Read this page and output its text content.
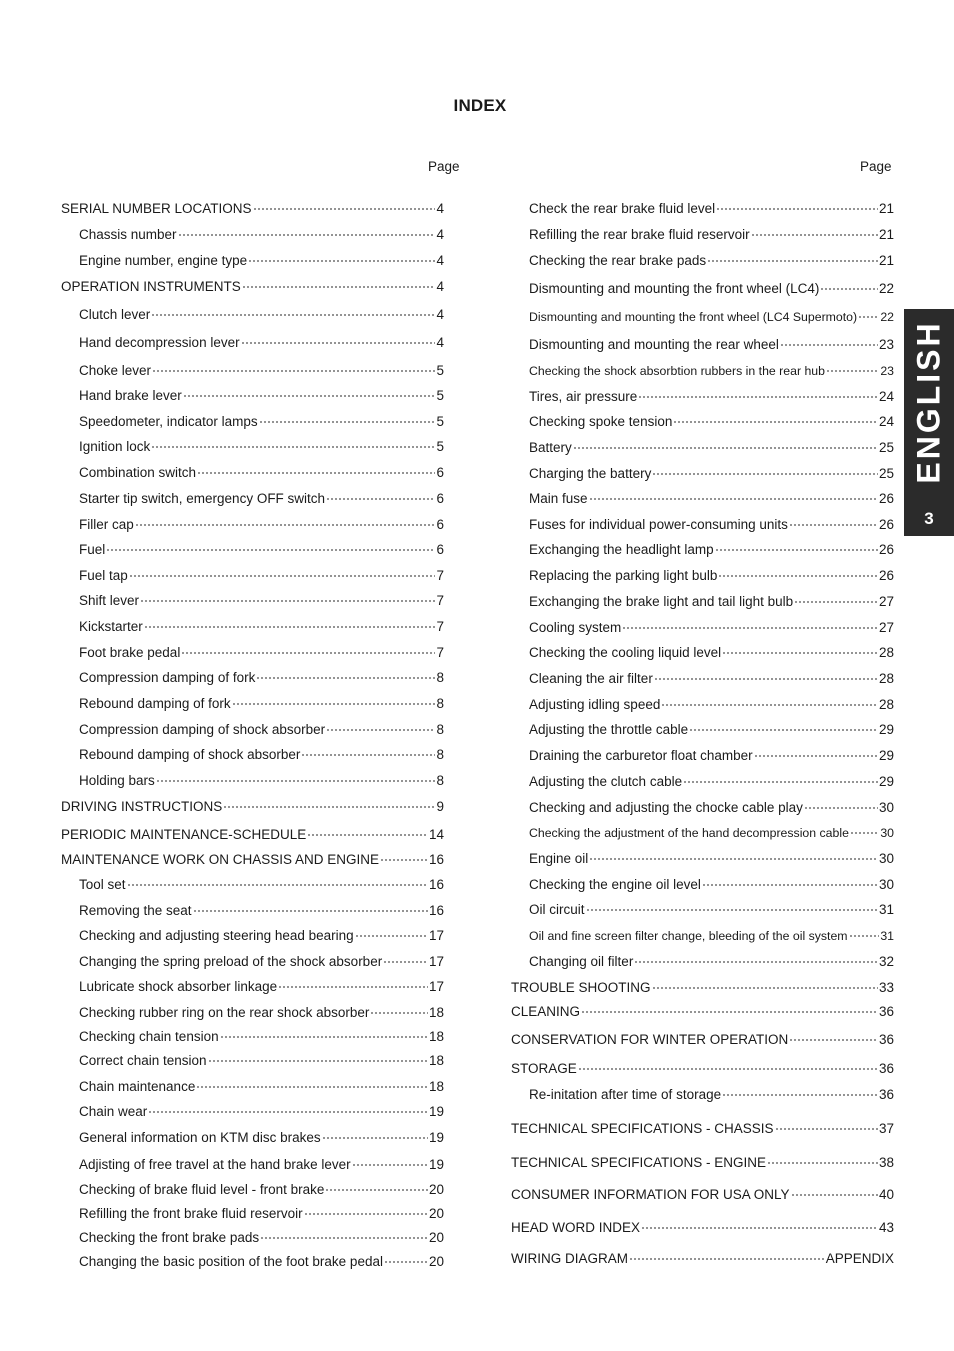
INDEX
Page	Page
SERIAL NUMBER LOCATIONS	4
Chassis number	4
Engine number, engine type	4
OPERATION INSTRUMENTS	4
Clutch lever	4
Hand decompression lever	4
Choke lever	5
Hand brake lever	5
Speedometer, indicator lamps	5
Ignition lock	5
Combination switch	6
Starter tip switch, emergency OFF switch	6
Filler cap	6
Fuel	6
Fuel tap	7
Shift lever	7
Kickstarter	7
Foot brake pedal	7
Compression damping of fork	8
Rebound damping of fork	8
Compression damping of shock absorber	8
Rebound damping of shock absorber	8
Holding bars	8
DRIVING INSTRUCTIONS	9
PERIODIC MAINTENANCE-SCHEDULE	14
MAINTENANCE WORK ON CHASSIS AND ENGINE	16
Tool set	16
Removing the seat	16
Checking and adjusting steering head bearing	17
Changing the spring preload of the shock absorber	17
Lubricate shock absorber linkage	17
Checking rubber ring on the rear shock absorber	18
Checking chain tension	18
Correct chain tension	18
Chain maintenance	18
Chain wear	19
General information on KTM disc brakes	19
Adjisting of free travel at the hand brake lever	19
Checking of brake fluid level - front brake	20
Refilling the front brake fluid reservoir	20
Checking the front brake pads	20
Changing the basic position of the foot brake pedal	20
Check the rear brake fluid level	21
Refilling the rear brake fluid reservoir	21
Checking the rear brake pads	21
Dismounting and mounting the front wheel (LC4)	22
Dismounting and mounting the front wheel (LC4 Supermoto) 22
Dismounting and mounting the rear wheel	23
Checking the shock absorbtion rubbers in the rear hub	23
Tires, air pressure	24
Checking spoke tension	24
Battery	25
Charging the battery	25
Main fuse	26
Fuses for individual power-consuming units	26
Exchanging the headlight lamp	26
Replacing the parking light bulb	26
Exchanging the brake light and tail light bulb	27
Cooling system	27
Checking the cooling liquid level	28
Cleaning the air filter	28
Adjusting idling speed	28
Adjusting the throttle cable	29
Draining the carburetor float chamber	29
Adjusting the clutch cable	29
Checking and adjusting the chocke cable play	30
Checking the adjustment of the hand decompression cable	30
Engine oil	30
Checking the engine oil level	30
Oil circuit	31
Oil and fine screen filter change, bleeding of the oil system	31
Changing oil filter	32
TROUBLE SHOOTING	33
CLEANING	36
CONSERVATION FOR WINTER OPERATION	36
STORAGE	36
Re-initation after time of storage	36
TECHNICAL SPECIFICATIONS - CHASSIS	37
TECHNICAL SPECIFICATIONS - ENGINE	38
CONSUMER INFORMATION FOR USA ONLY	40
HEAD WORD INDEX	43
WIRING DIAGRAM	APPENDIX
ENGLISH
3
